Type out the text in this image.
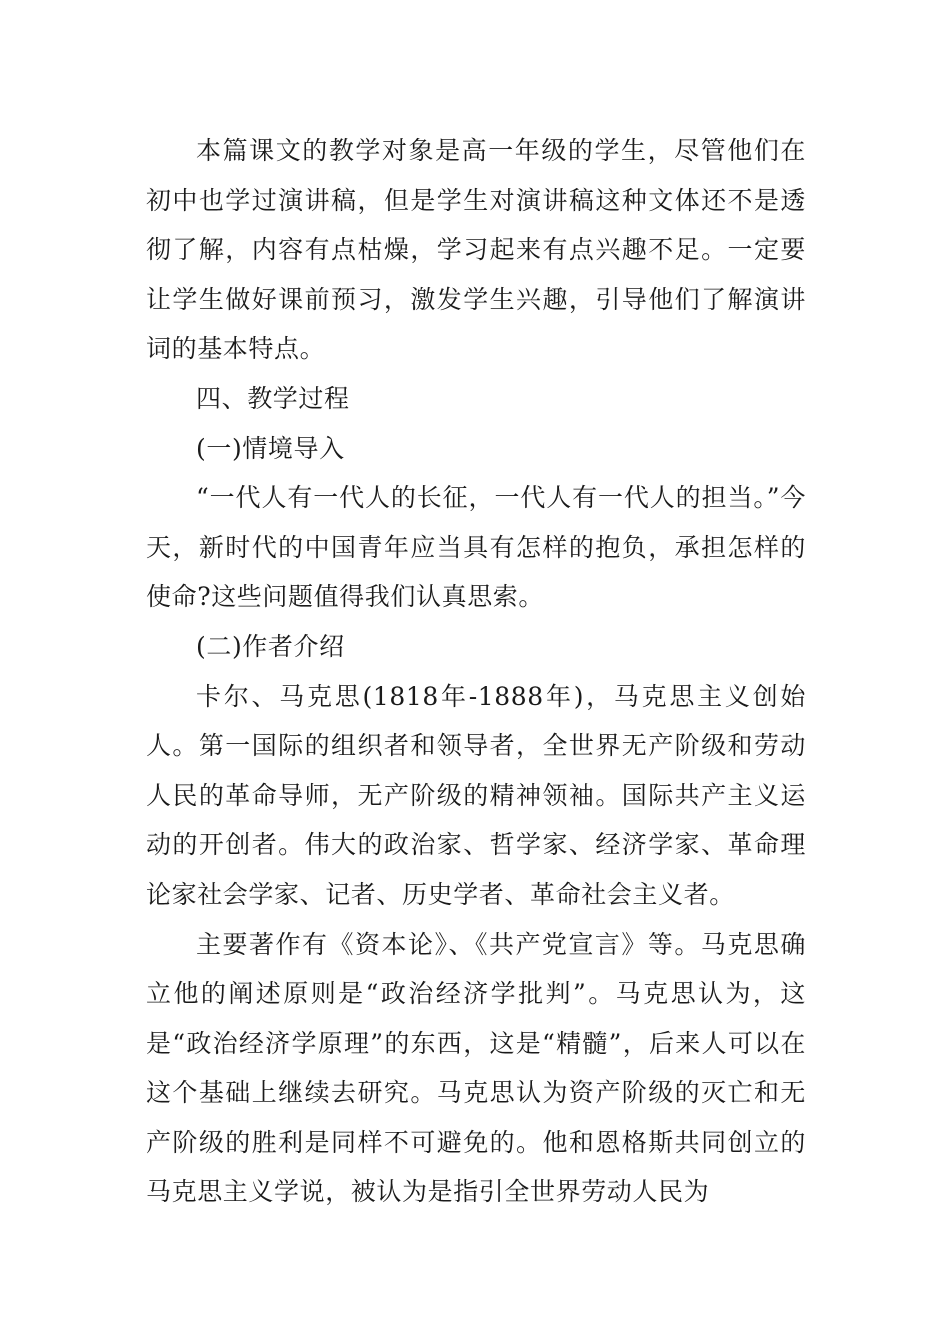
本篇课文的教学对象是高一年级的学生，尽管他们在初中也学过演讲稿，但是学生对演讲稿这种文体还不是透彻了解，内容有点枯燥，学习起来有点兴趣不足。一定要让学生做好课前预习，激发学生兴趣，引导他们了解演讲词的基本特点。

四、教学过程

(一)情境导入

“一代人有一代人的长征，一代人有一代人的担当。”今天，新时代的中国青年应当具有怎样的抱负，承担怎样的使命?这些问题值得我们认真思索。

(二)作者介绍

卡尔、马克思(1818年-1888年)，马克思主义创始人。第一国际的组织者和领导者，全世界无产阶级和劳动人民的革命导师，无产阶级的精神领袖。国际共产主义运动的开创者。伟大的政治家、哲学家、经济学家、革命理论家社会学家、记者、历史学者、革命社会主义者。

主要著作有《资本论》、《共产党宣言》等。马克思确立他的阐述原则是“政治经济学批判”。马克思认为，这是“政治经济学原理”的东西，这是“精髓”，后来人可以在这个基础上继续去研究。马克思认为资产阶级的灭亡和无产阶级的胜利是同样不可避免的。他和恩格斯共同创立的马克思主义学说，被认为是指引全世界劳动人民为
